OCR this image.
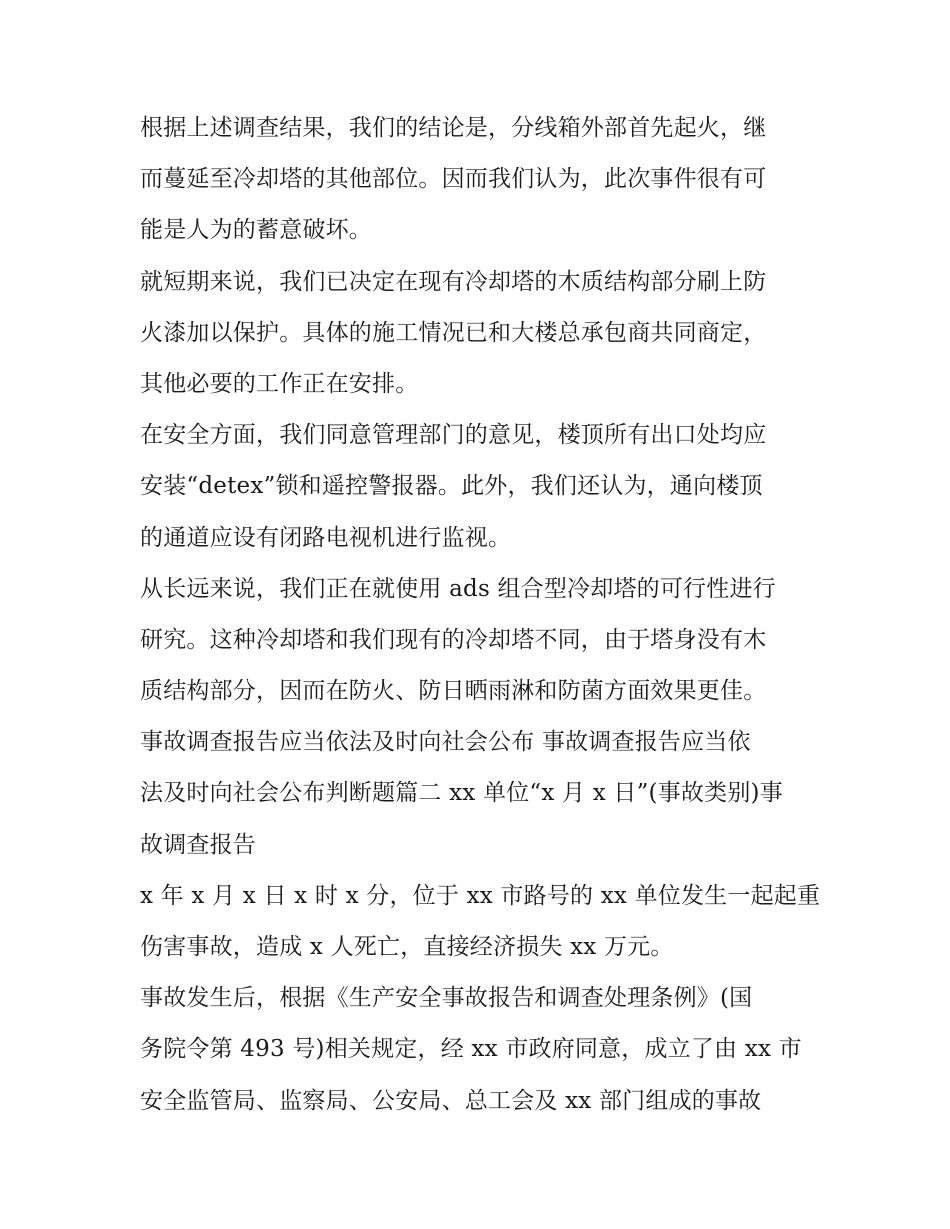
根据上述调查结果，我们的结论是，分线箱外部首先起火，继
而蔓延至冷却塔的其他部位。因而我们认为，此次事件很有可
能是人为的蓄意破坏。
就短期来说，我们已决定在现有冷却塔的木质结构部分刷上防
火漆加以保护。具体的施工情况已和大楼总承包商共同商定，
其他必要的工作正在安排。
在安全方面，我们同意管理部门的意见，楼顶所有出口处均应
安装“detex”锁和遥控警报器。此外，我们还认为，通向楼顶
的通道应设有闭路电视机进行监视。
从长远来说，我们正在就使用 ads 组合型冷却塔的可行性进行
研究。这种冷却塔和我们现有的冷却塔不同，由于塔身没有木
质结构部分，因而在防火、防日晒雨淋和防菌方面效果更佳。
事故调查报告应当依法及时向社会公布 事故调查报告应当依
法及时向社会公布判断题篇二 xx 单位“x 月 x 日”(事故类别)事
故调查报告
x 年 x 月 x 日 x 时 x 分，位于 xx 市路号的 xx 单位发生一起起重
伤害事故，造成 x 人死亡，直接经济损失 xx 万元。
事故发生后，根据《生产安全事故报告和调查处理条例》(国
务院令第 493 号)相关规定，经 xx 市政府同意，成立了由 xx 市
安全监管局、监察局、公安局、总工会及 xx 部门组成的事故
